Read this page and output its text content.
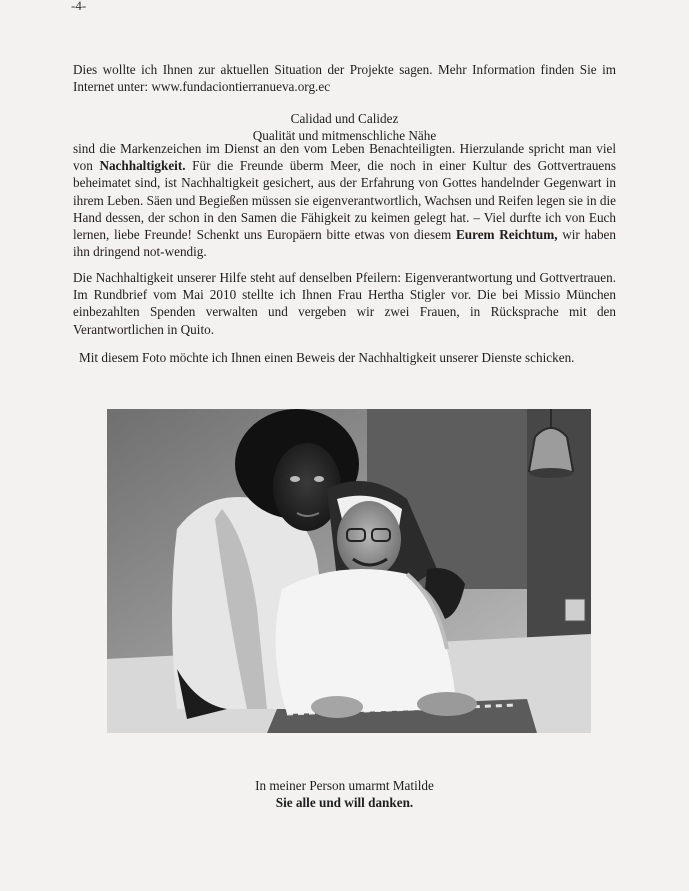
-4-

Dies wollte ich Ihnen zur aktuellen Situation der Projekte sagen. Mehr Information finden Sie im Internet unter: www.fundaciontierranueva.org.ec

Calidad und Calidez
Qualität und mitmenschliche Nähe

sind die Markenzeichen im Dienst an den vom Leben Benachteiligten. Hierzulande spricht man viel von Nachhaltigkeit. Für die Freunde überm Meer, die noch in einer Kultur des Gottvertrauens beheimatet sind, ist Nachhaltigkeit gesichert, aus der Erfahrung von Gottes handelnder Gegenwart in ihrem Leben. Säen und Begießen müssen sie eigenverantwortlich, Wachsen und Reifen legen sie in die Hand dessen, der schon in den Samen die Fähigkeit zu keimen gelegt hat. – Viel durfte ich von Euch lernen, liebe Freunde! Schenkt uns Europäern bitte etwas von diesem Eurem Reichtum, wir haben ihn dringend not-wendig.

Die Nachhaltigkeit unserer Hilfe steht auf denselben Pfeilern: Eigenverantwortung und Gottvertrauen. Im Rundbrief vom Mai 2010 stellte ich Ihnen Frau Hertha Stigler vor. Die bei Missio München einbezahlten Spenden verwalten und vergeben wir zwei Frauen, in Rücksprache mit den Verantwortlichen in Quito.

Mit diesem Foto möchte ich Ihnen einen Beweis der Nachhaltigkeit unserer Dienste schicken.

In meiner Person umarmt Matilde
Sie alle und will danken.
